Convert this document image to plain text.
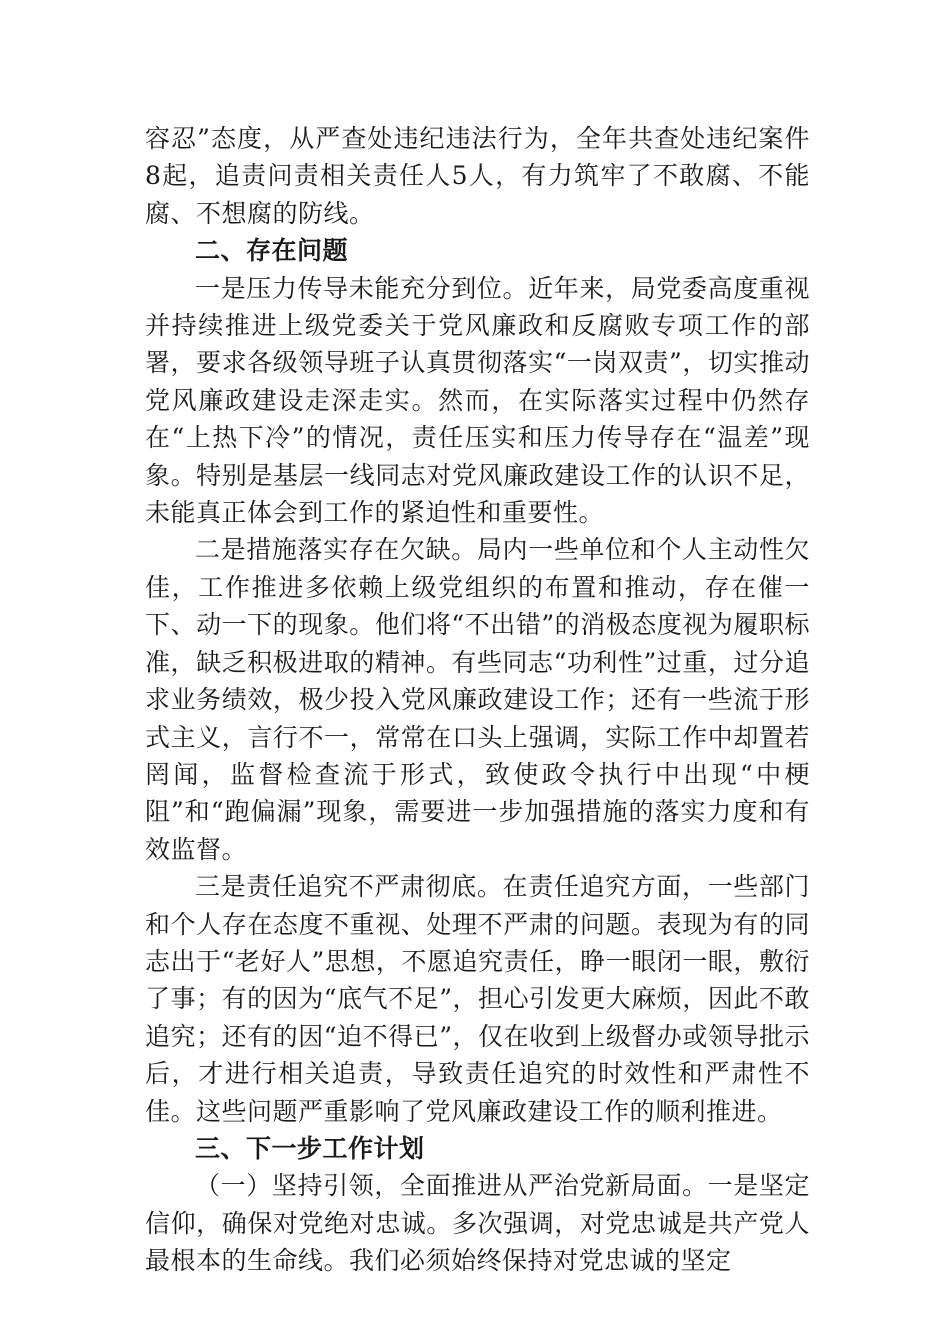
容忍”态度，从严查处违纪违法行为，全年共查处违纪案件8起，追责问责相关责任人5人，有力筑牢了不敢腐、不能腐、不想腐的防线。

二、存在问题

一是压力传导未能充分到位。近年来，局党委高度重视并持续推进上级党委关于党风廉政和反腐败专项工作的部署，要求各级领导班子认真贯彻落实“一岗双责”，切实推动党风廉政建设走深走实。然而，在实际落实过程中仍然存在“上热下冷”的情况，责任压实和压力传导存在“温差”现象。特别是基层一线同志对党风廉政建设工作的认识不足，未能真正体会到工作的紧迫性和重要性。

二是措施落实存在欠缺。局内一些单位和个人主动性欠佳，工作推进多依赖上级党组织的布置和推动，存在催一下、动一下的现象。他们将“不出错”的消极态度视为履职标准，缺乏积极进取的精神。有些同志“功利性”过重，过分追求业务绩效，极少投入党风廉政建设工作；还有一些流于形式主义，言行不一，常常在口头上强调，实际工作中却置若罔闻，监督检查流于形式，致使政令执行中出现“中梗阻”和“跑偏漏”现象，需要进一步加强措施的落实力度和有效监督。

三是责任追究不严肃彻底。在责任追究方面，一些部门和个人存在态度不重视、处理不严肃的问题。表现为有的同志出于“老好人”思想，不愿追究责任，睁一眼闭一眼，敷衍了事；有的因为“底气不足”，担心引发更大麻烦，因此不敢追究；还有的因“迫不得已”，仅在收到上级督办或领导批示后，才进行相关追责，导致责任追究的时效性和严肃性不佳。这些问题严重影响了党风廉政建设工作的顺利推进。

三、下一步工作计划

（一）坚持引领，全面推进从严治党新局面。一是坚定信仰，确保对党绝对忠诚。多次强调，对党忠诚是共产党人最根本的生命线。我们必须始终保持对党忠诚的坚定
